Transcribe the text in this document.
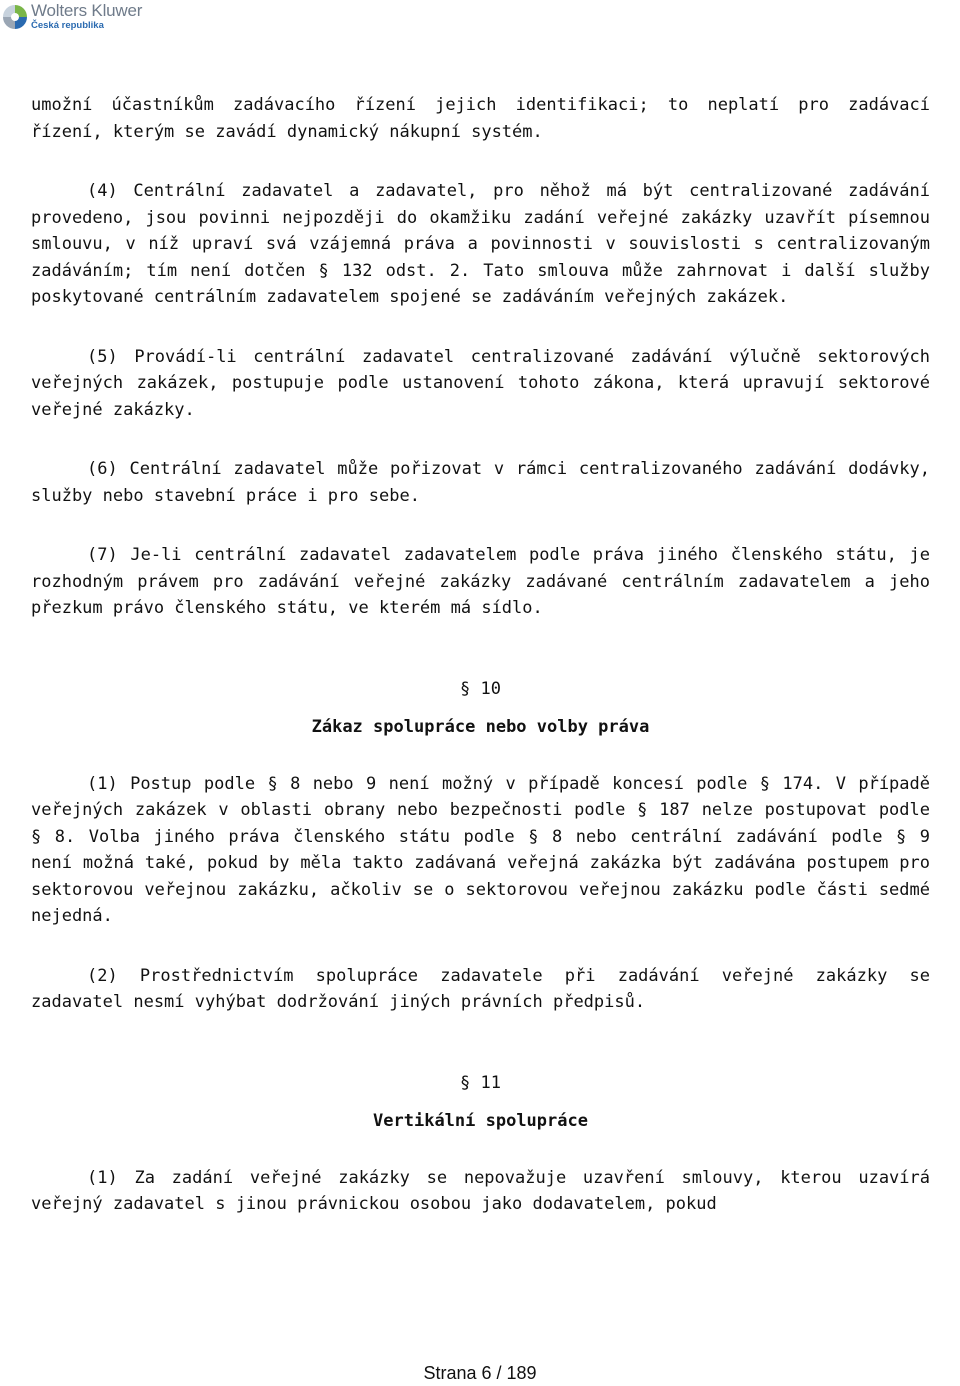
Wolters Kluwer
Česká republika

umožní účastníkům zadávacího řízení jejich identifikaci; to neplatí pro zadávací řízení, kterým se zavádí dynamický nákupní systém.

(4) Centrální zadavatel a zadavatel, pro něhož má být centralizované zadávání provedeno, jsou povinni nejpozději do okamžiku zadání veřejné zakázky uzavřít písemnou smlouvu, v níž upraví svá vzájemná práva a povinnosti v souvislosti s centralizovaným zadáváním; tím není dotčen § 132 odst. 2. Tato smlouva může zahrnovat i další služby poskytované centrálním zadavatelem spojené se zadáváním veřejných zakázek.

(5) Provádí-li centrální zadavatel centralizované zadávání výlučně sektorových veřejných zakázek, postupuje podle ustanovení tohoto zákona, která upravují sektorové veřejné zakázky.

(6) Centrální zadavatel může pořizovat v rámci centralizovaného zadávání dodávky, služby nebo stavební práce i pro sebe.

(7) Je-li centrální zadavatel zadavatelem podle práva jiného členského státu, je rozhodným právem pro zadávání veřejné zakázky zadávané centrálním zadavatelem a jeho přezkum právo členského státu, ve kterém má sídlo.

§ 10
Zákaz spolupráce nebo volby práva

(1) Postup podle § 8 nebo 9 není možný v případě koncesí podle § 174. V případě veřejných zakázek v oblasti obrany nebo bezpečnosti podle § 187 nelze postupovat podle § 8. Volba jiného práva členského státu podle § 8 nebo centrální zadávání podle § 9 není možná také, pokud by měla takto zadávaná veřejná zakázka být zadávána postupem pro sektorovou veřejnou zakázku, ačkoliv se o sektorovou veřejnou zakázku podle části sedmé nejedná.

(2) Prostřednictvím spolupráce zadavatele při zadávání veřejné zakázky se zadavatel nesmí vyhýbat dodržování jiných právních předpisů.

§ 11
Vertikální spolupráce

(1) Za zadání veřejné zakázky se nepovažuje uzavření smlouvy, kterou uzavírá veřejný zadavatel s jinou právnickou osobou jako dodavatelem, pokud

Strana 6 / 189
